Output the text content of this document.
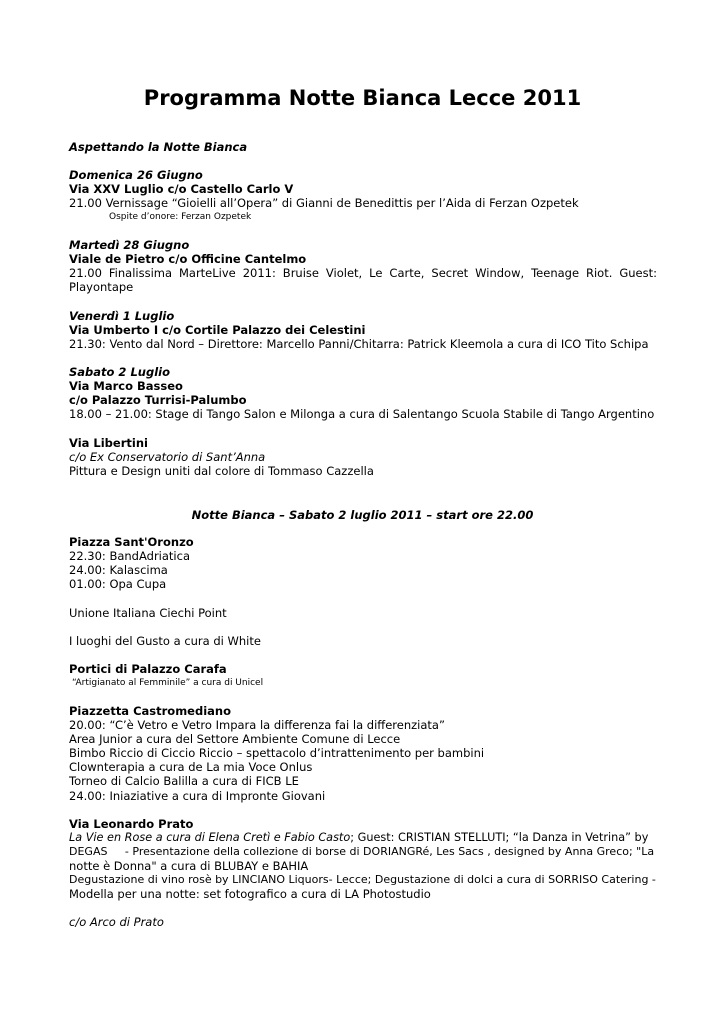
Programma Notte Bianca Lecce 2011
Aspettando la Notte Bianca
Domenica 26 Giugno
Via XXV Luglio c/o Castello Carlo V
21.00 Vernissage “Gioielli all’Opera” di Gianni de Benedittis per l’Aida di Ferzan Ozpetek
Ospite d’onore: Ferzan Ozpetek
Martedì 28 Giugno
Viale de Pietro c/o Officine Cantelmo
21.00 Finalissima MarteLive 2011: Bruise Violet, Le Carte, Secret Window, Teenage Riot. Guest:
Playontape
Venerdì 1 Luglio
Via Umberto I c/o Cortile Palazzo dei Celestini
21.30: Vento dal Nord – Direttore: Marcello Panni/Chitarra: Patrick Kleemola a cura di ICO Tito Schipa
Sabato 2 Luglio
Via Marco Basseo
c/o Palazzo Turrisi-Palumbo
18.00 – 21.00: Stage di Tango Salon e Milonga a cura di Salentango Scuola Stabile di Tango Argentino
Via Libertini
c/o Ex Conservatorio di Sant’Anna
Pittura e Design uniti dal colore di Tommaso Cazzella
Notte Bianca – Sabato 2 luglio 2011 – start ore 22.00
Piazza Sant'Oronzo
22.30: BandAdriatica
24.00: Kalascima
01.00: Opa Cupa
Unione Italiana Ciechi Point
I luoghi del Gusto a cura di White
Portici di Palazzo Carafa
“Artigianato al Femminile” a cura di Unicel
Piazzetta Castromediano
20.00: “C’è Vetro e Vetro Impara la differenza fai la differenziata”
Area Junior a cura del Settore Ambiente Comune di Lecce
Bimbo Riccio di Ciccio Riccio – spettacolo d’intrattenimento per bambini
Clownterapia a cura de La mia Voce Onlus
Torneo di Calcio Balilla a cura di FICB LE
24.00: Iniaziative a cura di Impronte Giovani
Via Leonardo Prato
La Vie en Rose a cura di Elena Cretì e Fabio Casto; Guest: CRISTIAN STELLUTI; “la Danza in Vetrina” by
DEGAS     - Presentazione della collezione di borse di DORIANGRé, Les Sacs , designed by Anna Greco; "La
notte è Donna" a cura di BLUBAY e BAHIA
Degustazione di vino rosè by LINCIANO Liquors- Lecce; Degustazione di dolci a cura di SORRISO Catering -
Modella per una notte: set fotografico a cura di LA Photostudio
c/o Arco di Prato
